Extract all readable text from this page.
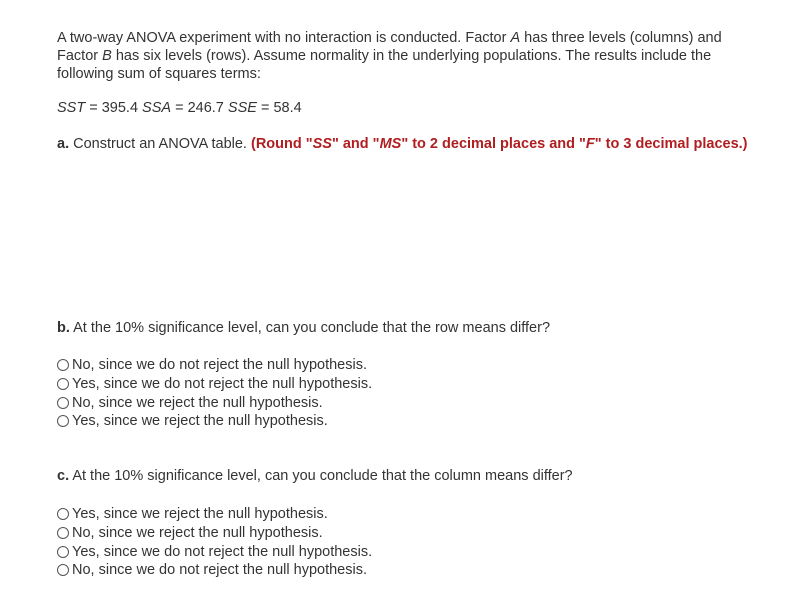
A two-way ANOVA experiment with no interaction is conducted. Factor A has three levels (columns) and Factor B has six levels (rows). Assume normality in the underlying populations. The results include the following sum of squares terms:

SST = 395.4 SSA = 246.7 SSE = 58.4

a. Construct an ANOVA table. (Round "SS" and "MS" to 2 decimal places and "F" to 3 decimal places.)

b. At the 10% significance level, can you conclude that the row means differ?

c. At the 10% significance level, can you conclude that the column means differ?

No, since we do not reject the null hypothesis.
Yes, since we do not reject the null hypothesis.
No, since we reject the null hypothesis.
Yes, since we reject the null hypothesis.
Yes, since we reject the null hypothesis.
No, since we reject the null hypothesis.
Yes, since we do not reject the null hypothesis.
No, since we do not reject the null hypothesis.
